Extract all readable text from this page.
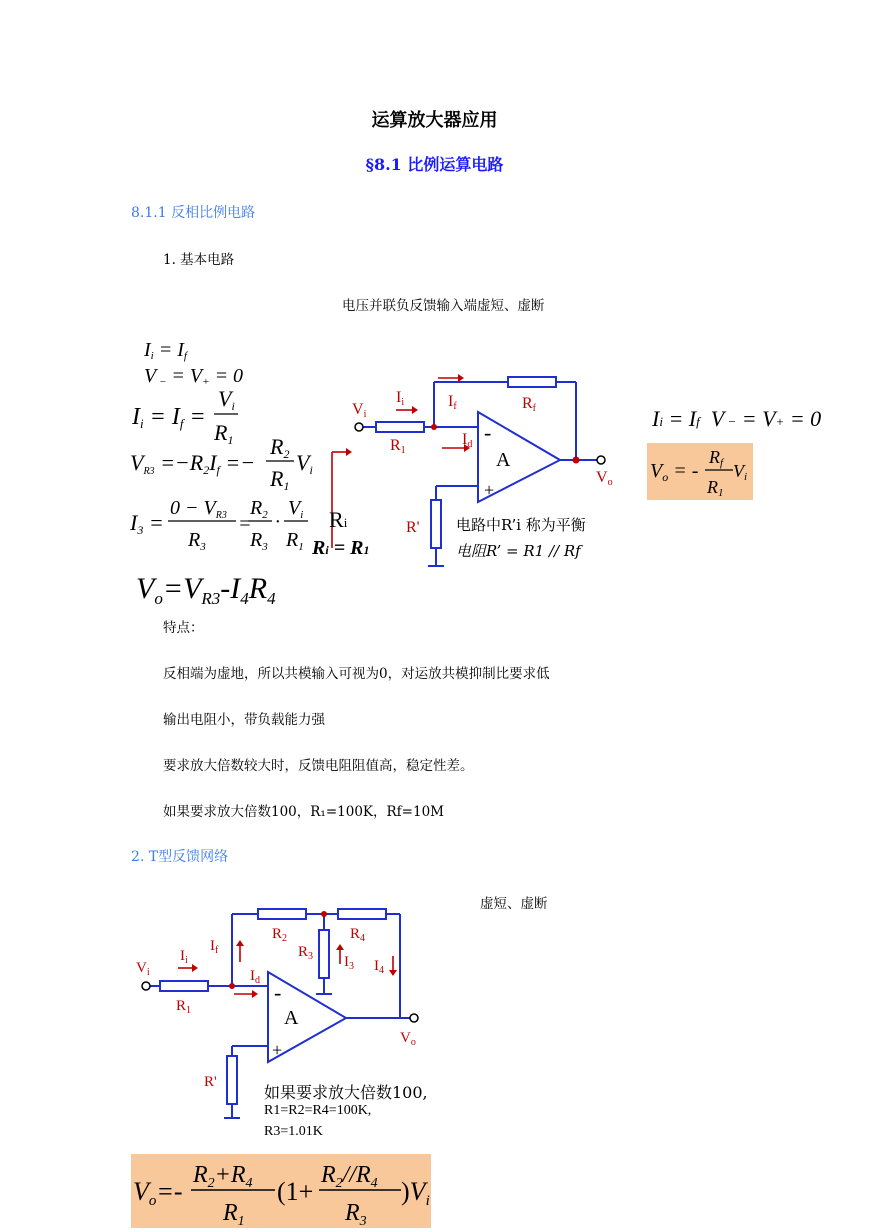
运算放大器应用
§8.1 比例运算电路
8.1.1 反相比例电路
1. 基本电路
电压并联负反馈输入端虚短、虚断
Ii = If
V − = V+ = 0
Ii = If =
Vi
R1
VR3 =−R2If =−
R2
R1
Vi
I3 =
$0 - V_{R3}$
$R_3$
=
$R_2$
$R_3$
·
$V_i$
$R_1$
$V_o=V_{R3}-I_4R_4$
Vi
Ii	If	Rf
R1
Id
Vo
R'
A
-
+
Ri
Ri = R1
电路中R’i 称为平衡
电阻R’ = R1 // Rf
Ii = If  V − = V+ = 0
$V_o$ = -
Rf
R1
Vi
特点：
反相端为虚地，所以共模输入可视为0，对运放共模抑制比要求低
输出电阻小，带负载能力强
要求放大倍数较大时，反馈电阻阻值高，稳定性差。
如果要求放大倍数100，R₁=100K，Rf=10M
2. T型反馈网络
虚短、虚断
$V_i$
$I_i$
$I_f$
$R_2$	$R_4$
$R_3$ $I_3$ $I_4$
$R_1$
$I_d$
$V_o$
R'
A
-
+
如果要求放大倍数100,
R1=R2=R4=100K,
R3=1.01K
Vo=-
$R_2+R_4$
$R_1$
(1+
$R_2//R_4$
$R_3$
)Vi
